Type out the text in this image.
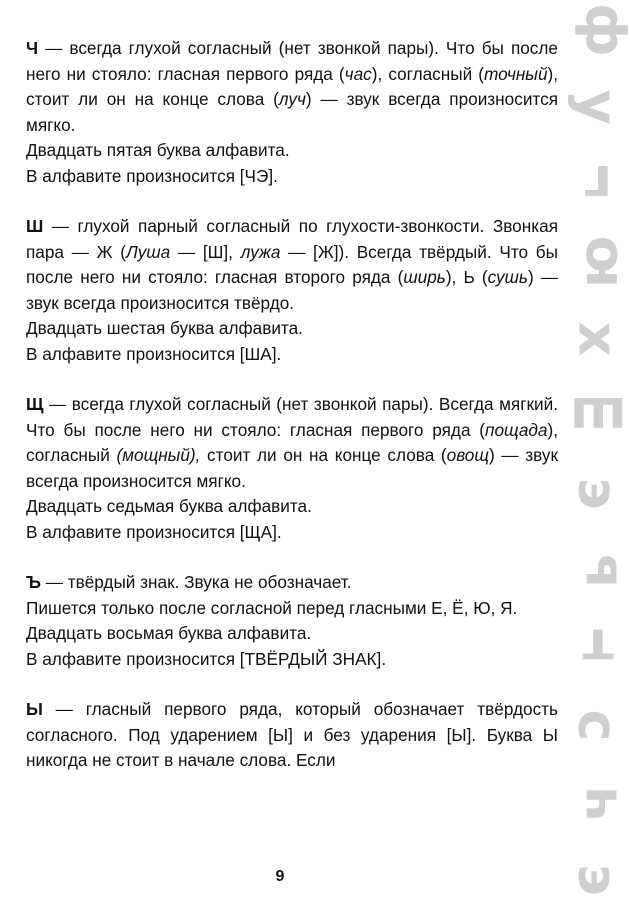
Ч — всегда глухой согласный (нет звонкой пары). Что бы после него ни стояло: гласная первого ряда (час), согласный (точный), стоит ли он на конце слова (луч) — звук всегда произносится мягко.
Двадцать пятая буква алфавита.
В алфавите произносится [ЧЭ].
Ш — глухой парный согласный по глухости-звонкости. Звонкая пара — Ж (Луша — [Ш], лужа — [Ж]). Всегда твёрдый. Что бы после него ни стояло: гласная второго ряда (ширь), Ь (сушь) — звук всегда произносится твёрдо.
Двадцать шестая буква алфавита.
В алфавите произносится [ША].
Щ — всегда глухой согласный (нет звонкой пары). Всегда мягкий. Что бы после него ни стояло: гласная первого ряда (пощада), согласный (мощный), стоит ли он на конце слова (овощ) — звук всегда произносится мягко.
Двадцать седьмая буква алфавита.
В алфавите произносится [ЩА].
Ъ — твёрдый знак. Звука не обозначает.
Пишется только после согласной перед гласными Е, Ё, Ю, Я.
Двадцать восьмая буква алфавита.
В алфавите произносится [ТВЁРДЫЙ ЗНАК].
Ы — гласный первого ряда, который обозначает твёрдость согласного. Под ударением [Ы] и без ударения [Ы]. Буква Ы никогда не стоит в начале слова. Если
9
ф
у
г
ю
х
ш
э
ь
т
с
ч
э
